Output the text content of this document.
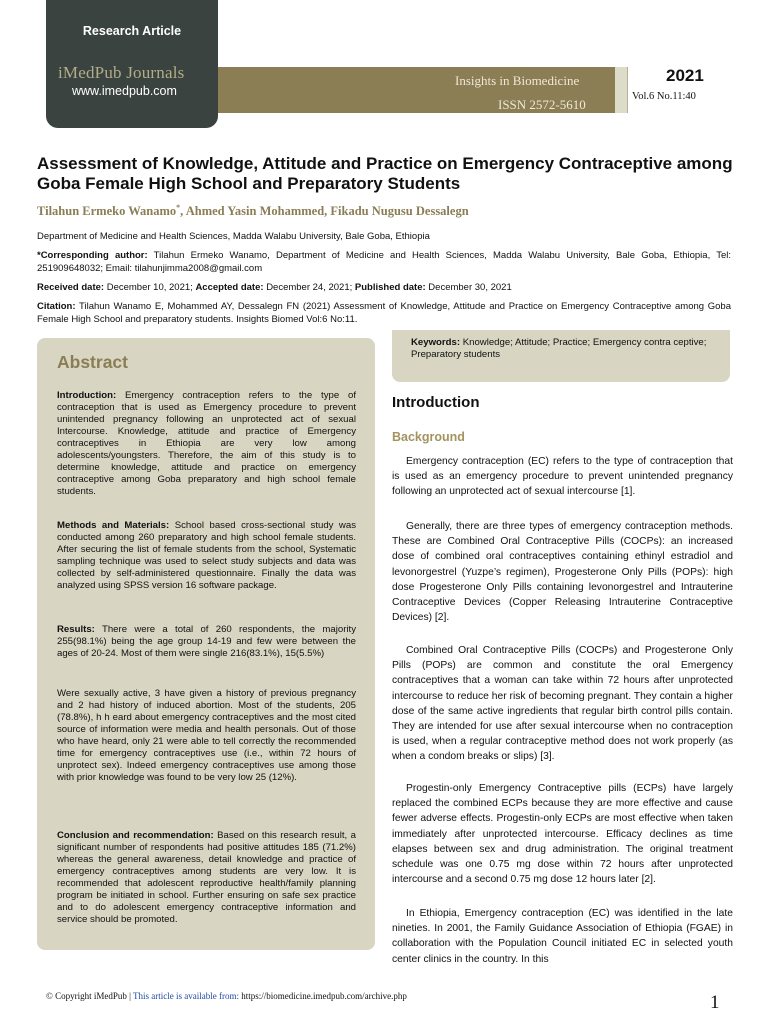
Research Article
iMedPub Journals
www.imedpub.com
Insights in Biomedicine
ISSN 2572-5610
2021
Vol.6 No.11:40
Assessment of Knowledge, Attitude and Practice on Emergency Contraceptive among Goba Female High School and Preparatory Students
Tilahun Ermeko Wanamo*, Ahmed Yasin Mohammed, Fikadu Nugusu Dessalegn
Department of Medicine and Health Sciences, Madda Walabu University, Bale Goba, Ethiopia
*Corresponding author: Tilahun Ermeko Wanamo, Department of Medicine and Health Sciences, Madda Walabu University, Bale Goba, Ethiopia, Tel: 251909648032; Email: tilahunjimma2008@gmail.com
Received date: December 10, 2021; Accepted date: December 24, 2021; Published date: December 30, 2021
Citation: Tilahun Wanamo E, Mohammed AY, Dessalegn FN (2021) Assessment of Knowledge, Attitude and Practice on Emergency Contraceptive among Goba Female High School and preparatory students. Insights Biomed Vol:6 No:11.
Abstract
Introduction: Emergency contraception refers to the type of contraception that is used as Emergency procedure to prevent unintended pregnancy following an unprotected act of sexual Intercourse. Knowledge, attitude and practice of Emergency contraceptives in Ethiopia are very low among adolescents/youngsters. Therefore, the aim of this study is to determine knowledge, attitude and practice on emergency contraceptive among Goba preparatory and high school female students.
Methods and Materials: School based cross-sectional study was conducted among 260 preparatory and high school female students. After securing the list of female students from the school, Systematic sampling technique was used to select study subjects and data was collected by self-administered questionnaire. Finally the data was analyzed using SPSS version 16 software package.
Results: There were a total of 260 respondents, the majority 255(98.1%) being the age group 14-19 and few were between the ages of 20-24. Most of them were single 216(83.1%), 15(5.5%)
Were sexually active, 3 have given a history of previous pregnancy and 2 had history of induced abortion. Most of the students, 205 (78.8%), h h eard about emergency contraceptives and the most cited source of information were media and health personals. Out of those who have heard, only 21 were able to tell correctly the recommended time for emergency contraceptives use (i.e., within 72 hours of unprotect sex). Indeed emergency contraceptives use among those with prior knowledge was found to be very low 25 (12%).
Conclusion and recommendation: Based on this research result, a significant number of respondents had positive attitudes 185 (71.2%) whereas the general awareness, detail knowledge and practice of emergency contraceptives among students are very low. It is recommended that adolescent reproductive health/family planning program be initiated in school. Further ensuring on safe sex practice and to do adolescent emergency contraceptive information and service should be promoted.
Keywords: Knowledge; Attitude; Practice; Emergency contra ceptive; Preparatory students
Introduction
Background
Emergency contraception (EC) refers to the type of contraception that is used as an emergency procedure to prevent unintended pregnancy following an unprotected act of sexual intercourse [1].
Generally, there are three types of emergency contraception methods. These are Combined Oral Contraceptive Pills (COCPs): an increased dose of combined oral contraceptives containing ethinyl estradiol and levonorgestrel (Yuzpe’s regimen), Progesterone Only Pills (POPs): high dose Progesterone Only Pills containing levonorgestrel and Intrauterine Contraceptive Devices (Copper Releasing Intrauterine Contraceptive Devices) [2].
Combined Oral Contraceptive Pills (COCPs) and Progesterone Only Pills (POPs) are common and constitute the oral Emergency contraceptives that a woman can take within 72 hours after unprotected intercourse to reduce her risk of becoming pregnant. They contain a higher dose of the same active ingredients that regular birth control pills contain. They are intended for use after sexual intercourse when no contraception is used, when a regular contraceptive method does not work properly (as when a condom breaks or slips) [3].
Progestin-only Emergency Contraceptive pills (ECPs) have largely replaced the combined ECPs because they are more effective and cause fewer adverse effects. Progestin-only ECPs are most effective when taken immediately after unprotected intercourse. Efficacy declines as time elapses between sex and drug administration. The original treatment schedule was one 0.75 mg dose within 72 hours after unprotected intercourse and a second 0.75 mg dose 12 hours later [2].
In Ethiopia, Emergency contraception (EC) was identified in the late nineties. In 2001, the Family Guidance Association of Ethiopia (FGAE) in collaboration with the Population Council initiated EC in selected youth center clinics in the country. In this
© Copyright iMedPub | This article is available from: https://biomedicine.imedpub.com/archive.php	1
